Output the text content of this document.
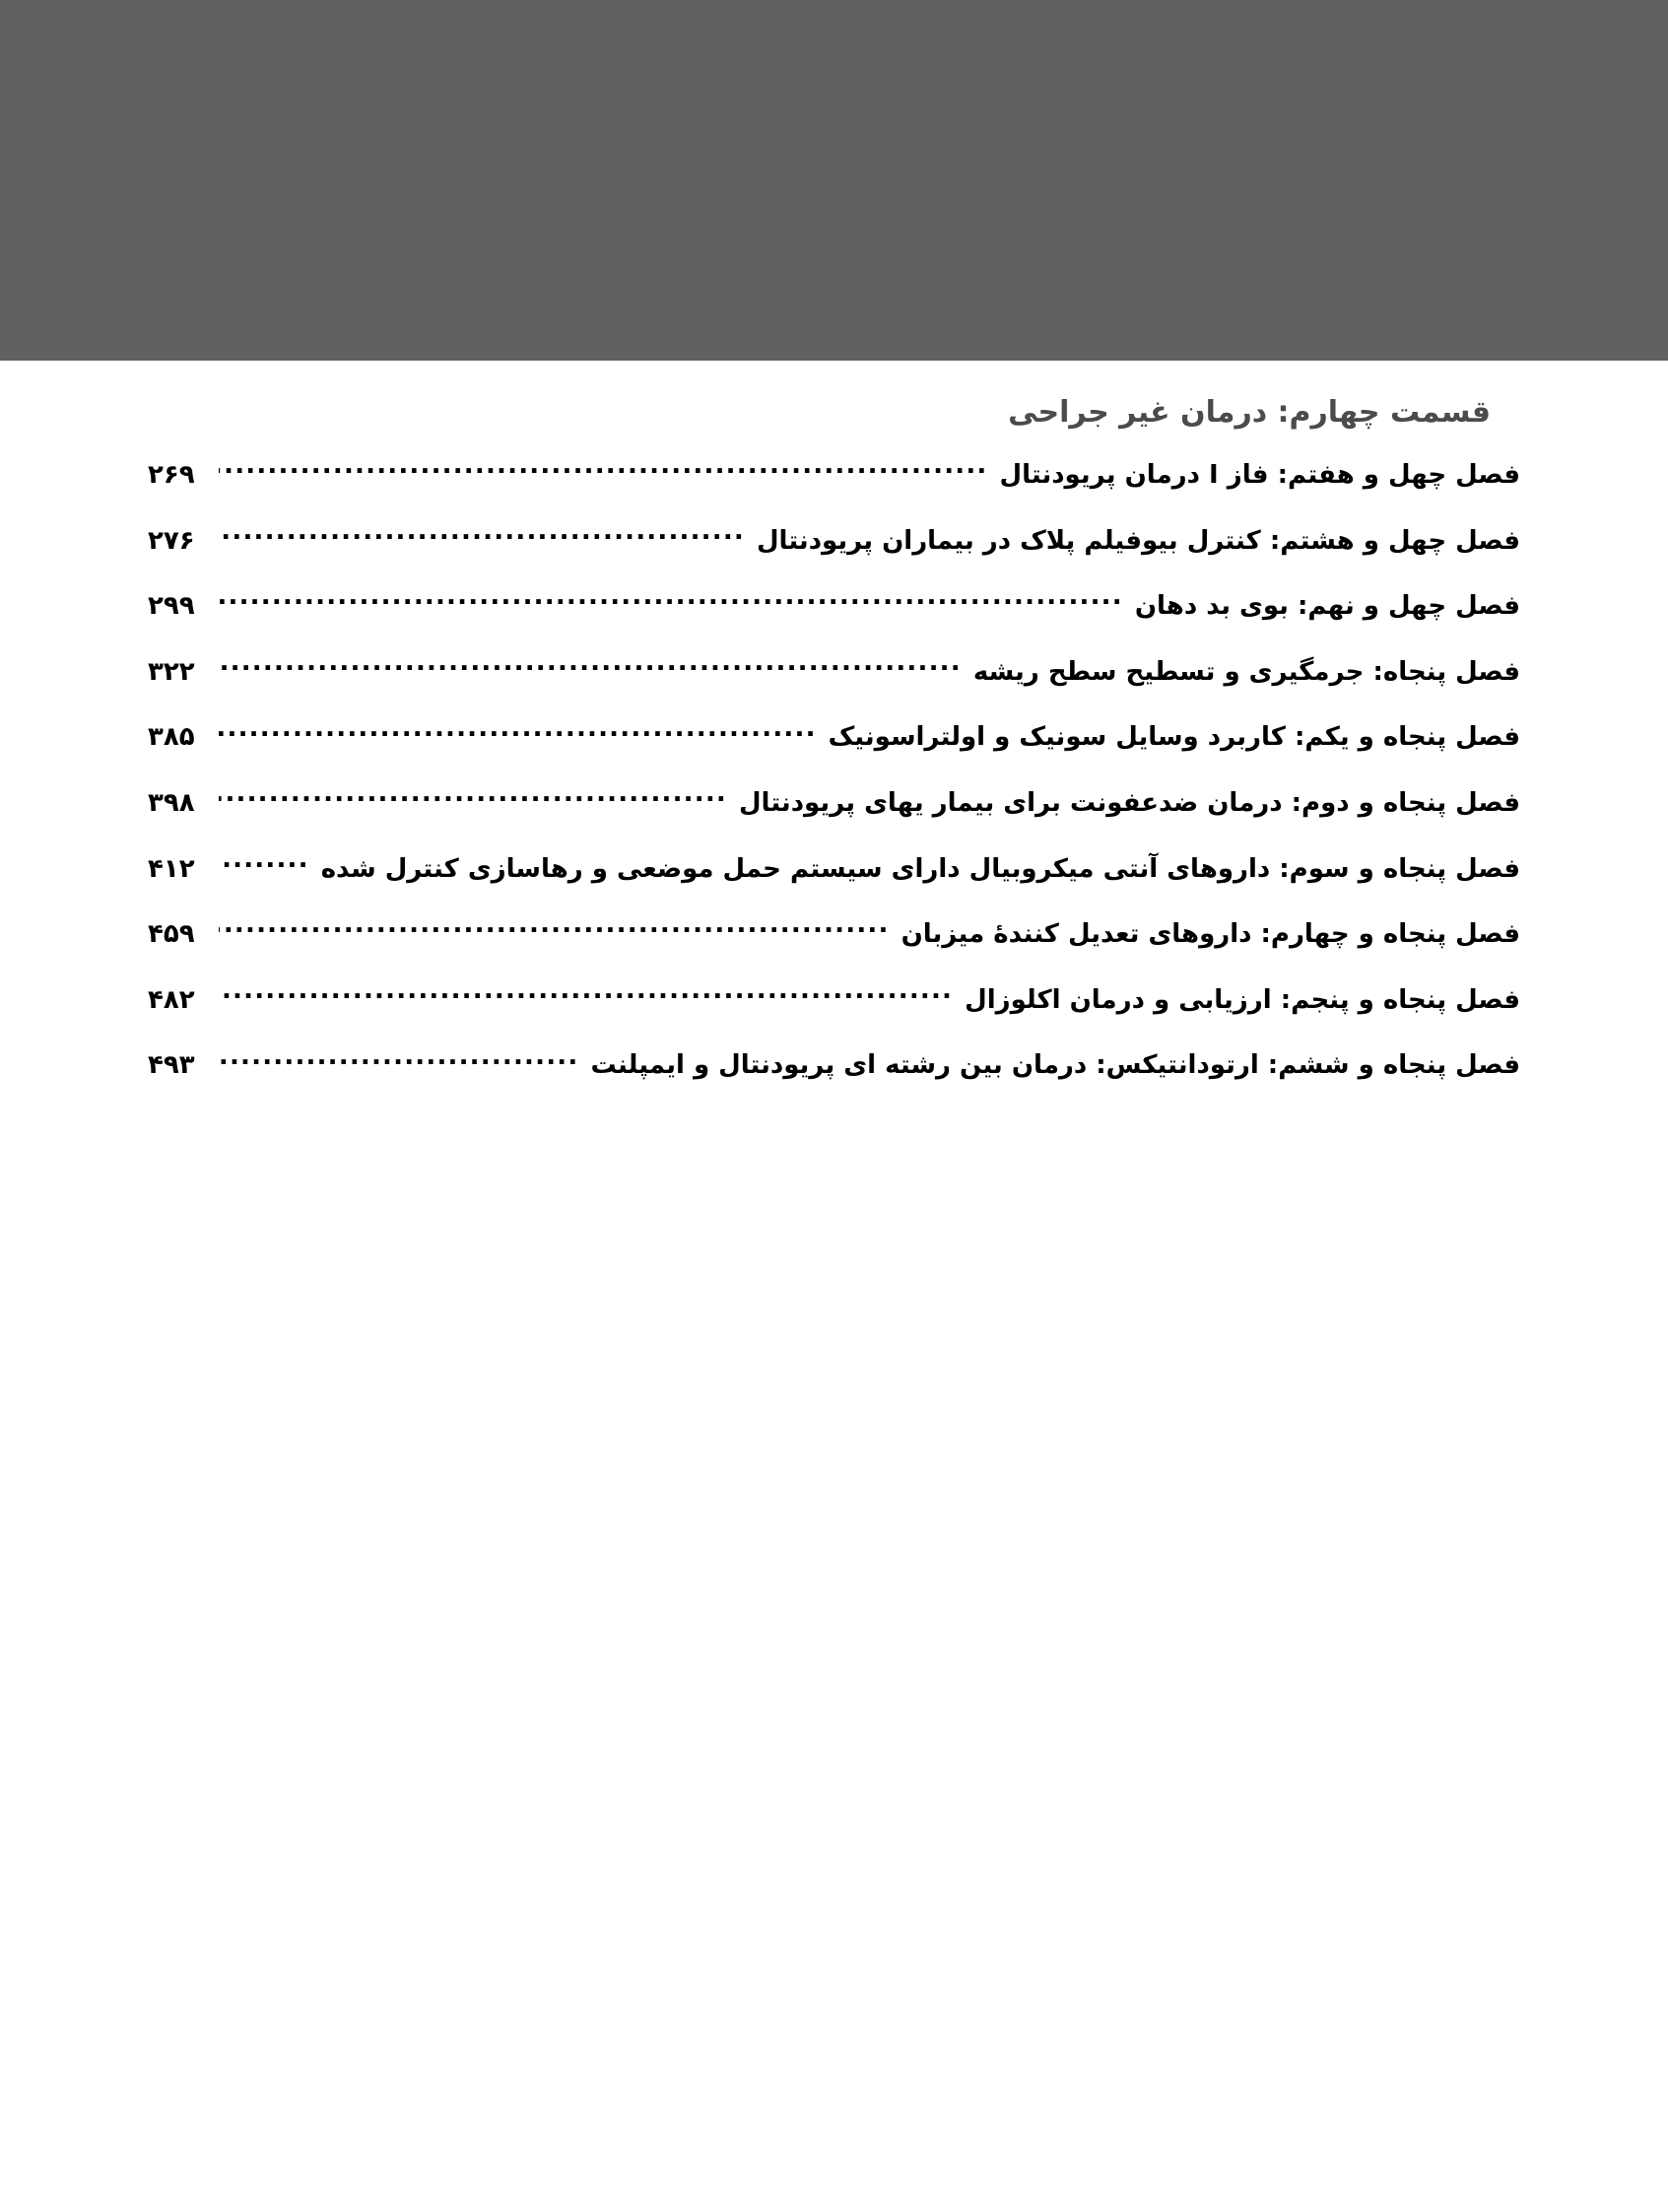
قسمت چهارم: درمان غیر جراحی
فصل چهل و هفتم: فاز I درمان پریودنتال
.....
۲۶۹
فصل چهل و هشتم: کنترل بیوفیلم پلاک در بیماران پریودنتال
.....
۲۷۶
فصل چهل و نهم: بوی بد دهان
.....
۲۹۹
فصل پنجاه: جرمگیری و تسطیح سطح ریشه
.....
۳۲۲
فصل پنجاه و یکم: کاربرد وسایل سونیک و اولتراسونیک
.....
۳۸۵
فصل پنجاه و دوم: درمان ضدعفونت برای بیمار یهای پریودنتال
.....
۳۹۸
فصل پنجاه و سوم: داروهای آنتی میکروبیال دارای سیستم حمل موضعی و رهاسازی کنترل شده
.....
۴۱۲
فصل پنجاه و چهارم: داروهای تعدیل کنندۀ میزبان
.....
۴۵۹
فصل پنجاه و پنجم: ارزیابی و درمان اکلوزال
.....
۴۸۲
فصل پنجاه و ششم: ارتودانتیکس: درمان بین رشته ای پریودنتال و ایمپلنت
.....
۴۹۳
